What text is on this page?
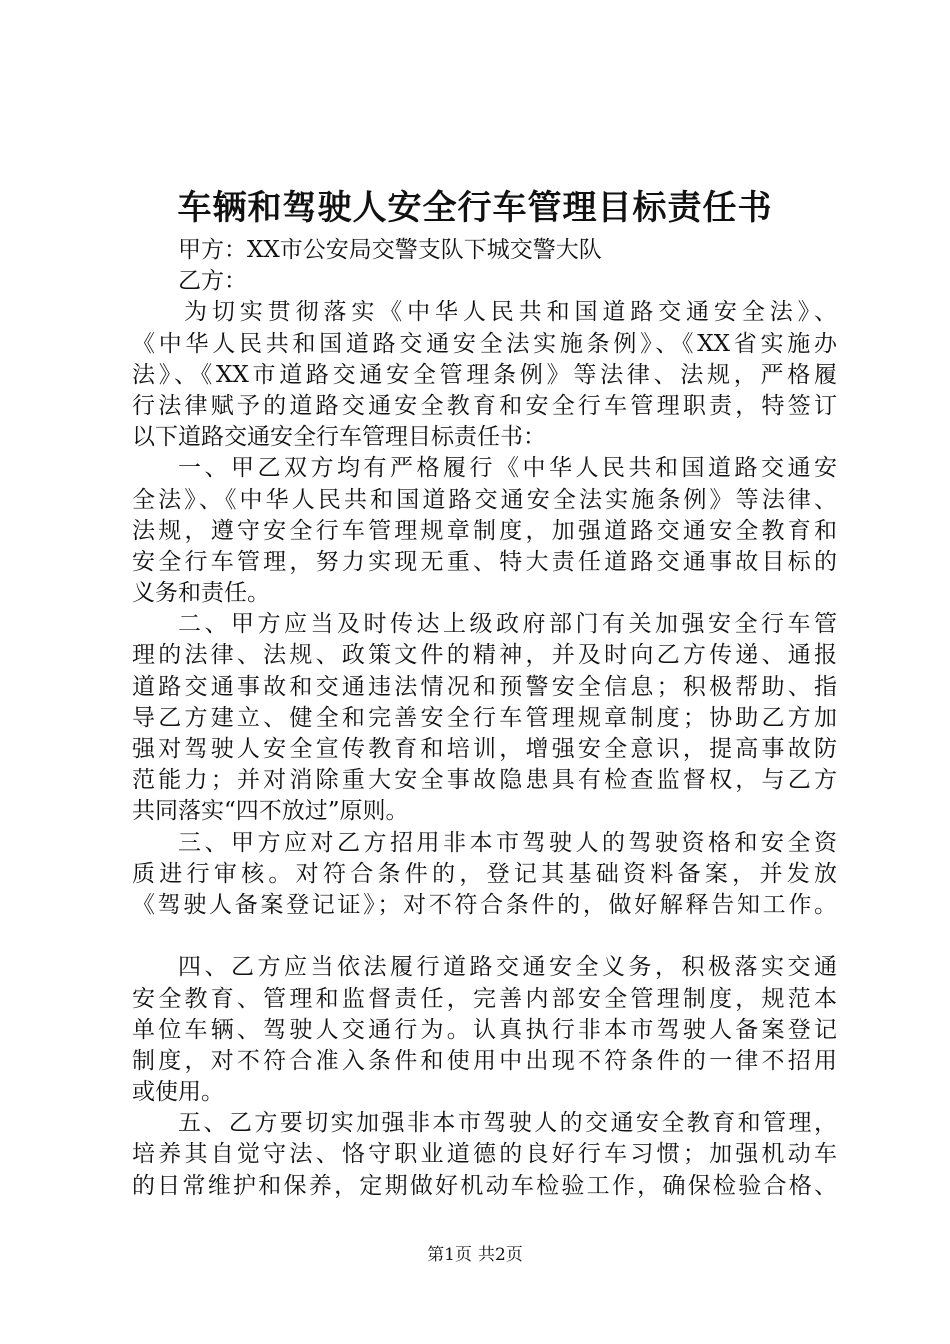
车辆和驾驶人安全行车管理目标责任书
甲方：XX市公安局交警支队下城交警大队
乙方：
为切实贯彻落实《中华人民共和国道路交通安全法》、
《中华人民共和国道路交通安全法实施条例》、《XX省实施办
法》、《XX市道路交通安全管理条例》等法律、法规，严格履
行法律赋予的道路交通安全教育和安全行车管理职责，特签订
以下道路交通安全行车管理目标责任书：
一、甲乙双方均有严格履行《中华人民共和国道路交通安
全法》、《中华人民共和国道路交通安全法实施条例》等法律、
法规，遵守安全行车管理规章制度，加强道路交通安全教育和
安全行车管理，努力实现无重、特大责任道路交通事故目标的
义务和责任。
二、甲方应当及时传达上级政府部门有关加强安全行车管
理的法律、法规、政策文件的精神，并及时向乙方传递、通报
道路交通事故和交通违法情况和预警安全信息；积极帮助、指
导乙方建立、健全和完善安全行车管理规章制度；协助乙方加
强对驾驶人安全宣传教育和培训，增强安全意识，提高事故防
范能力；并对消除重大安全事故隐患具有检查监督权，与乙方
共同落实“四不放过”原则。
三、甲方应对乙方招用非本市驾驶人的驾驶资格和安全资
质进行审核。对符合条件的，登记其基础资料备案，并发放
《驾驶人备案登记证》；对不符合条件的，做好解释告知工作。
四、乙方应当依法履行道路交通安全义务，积极落实交通
安全教育、管理和监督责任，完善内部安全管理制度，规范本
单位车辆、驾驶人交通行为。认真执行非本市驾驶人备案登记
制度，对不符合准入条件和使用中出现不符条件的一律不招用
或使用。
五、乙方要切实加强非本市驾驶人的交通安全教育和管理，
培养其自觉守法、恪守职业道德的良好行车习惯；加强机动车
的日常维护和保养，定期做好机动车检验工作，确保检验合格、
第1页 共2页
